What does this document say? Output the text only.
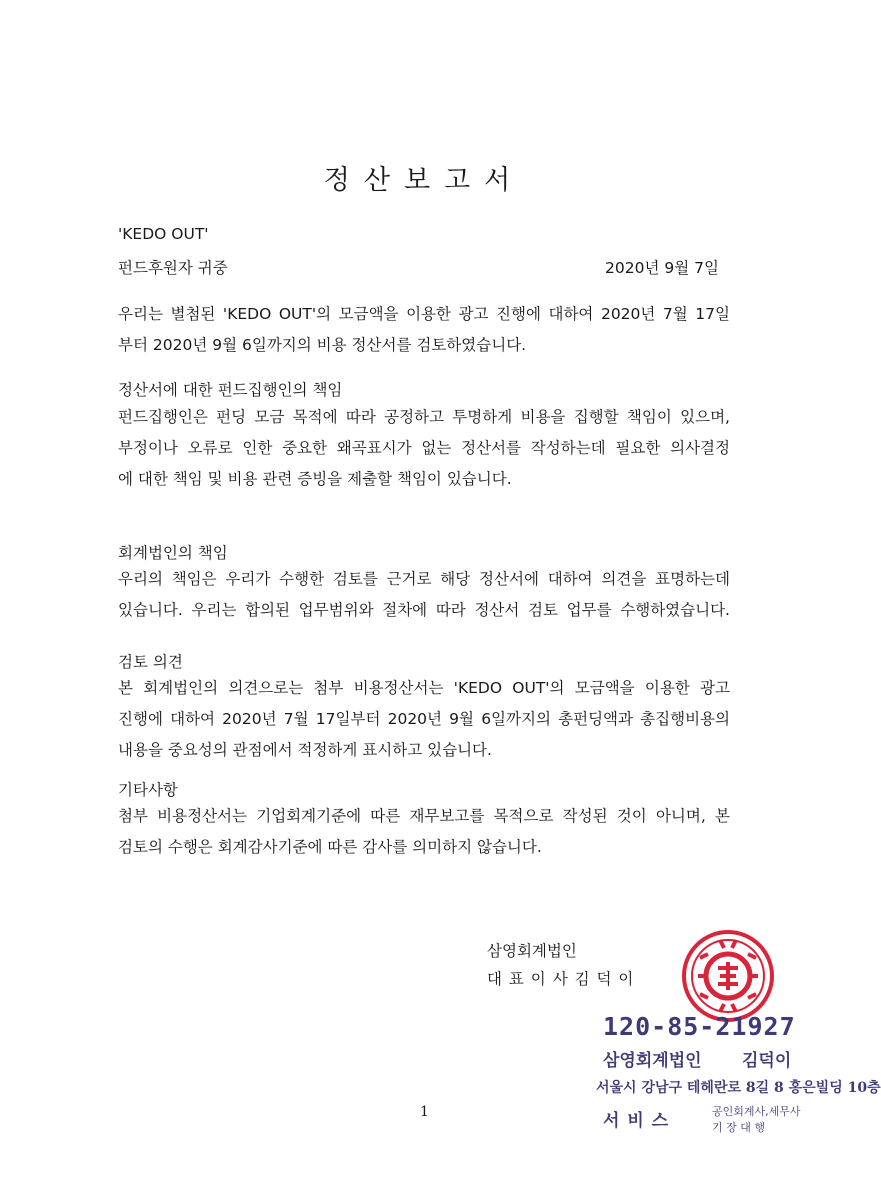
정산보고서
'KEDO OUT'
펀드후원자 귀중	2020년 9월 7일
우리는 별첨된 'KEDO OUT'의 모금액을 이용한 광고 진행에 대하여 2020년 7월 17일
부터 2020년 9월 6일까지의 비용 정산서를 검토하였습니다.
정산서에 대한 펀드집행인의 책임
펀드집행인은 펀딩 모금 목적에 따라 공정하고 투명하게 비용을 집행할 책임이 있으며,
부정이나 오류로 인한 중요한 왜곡표시가 없는 정산서를 작성하는데 필요한 의사결정
에 대한 책임 및 비용 관련 증빙을 제출할 책임이 있습니다.
회계법인의 책임
우리의 책임은 우리가 수행한 검토를 근거로 해당 정산서에 대하여 의견을 표명하는데
있습니다. 우리는 합의된 업무범위와 절차에 따라 정산서 검토 업무를 수행하였습니다.
검토 의견
본 회계법인의 의견으로는 첨부 비용정산서는 'KEDO OUT'의 모금액을 이용한 광고
진행에 대하여 2020년 7월 17일부터 2020년 9월 6일까지의 총펀딩액과 총집행비용의
내용을 중요성의 관점에서 적정하게 표시하고 있습니다.
기타사항
첨부 비용정산서는 기업회계기준에 따른 재무보고를 목적으로 작성된 것이 아니며, 본
검토의 수행은 회계감사기준에 따른 감사를 의미하지 않습니다.
삼영회계법인
대 표 이 사 김 덕 이
120-85-21927
삼영회계법인 김덕이
서울시 강남구 테헤란로 8길 8 홍은빌딩 10층
서 비 스	공인회계사,세무사
기 장 대 행
1
